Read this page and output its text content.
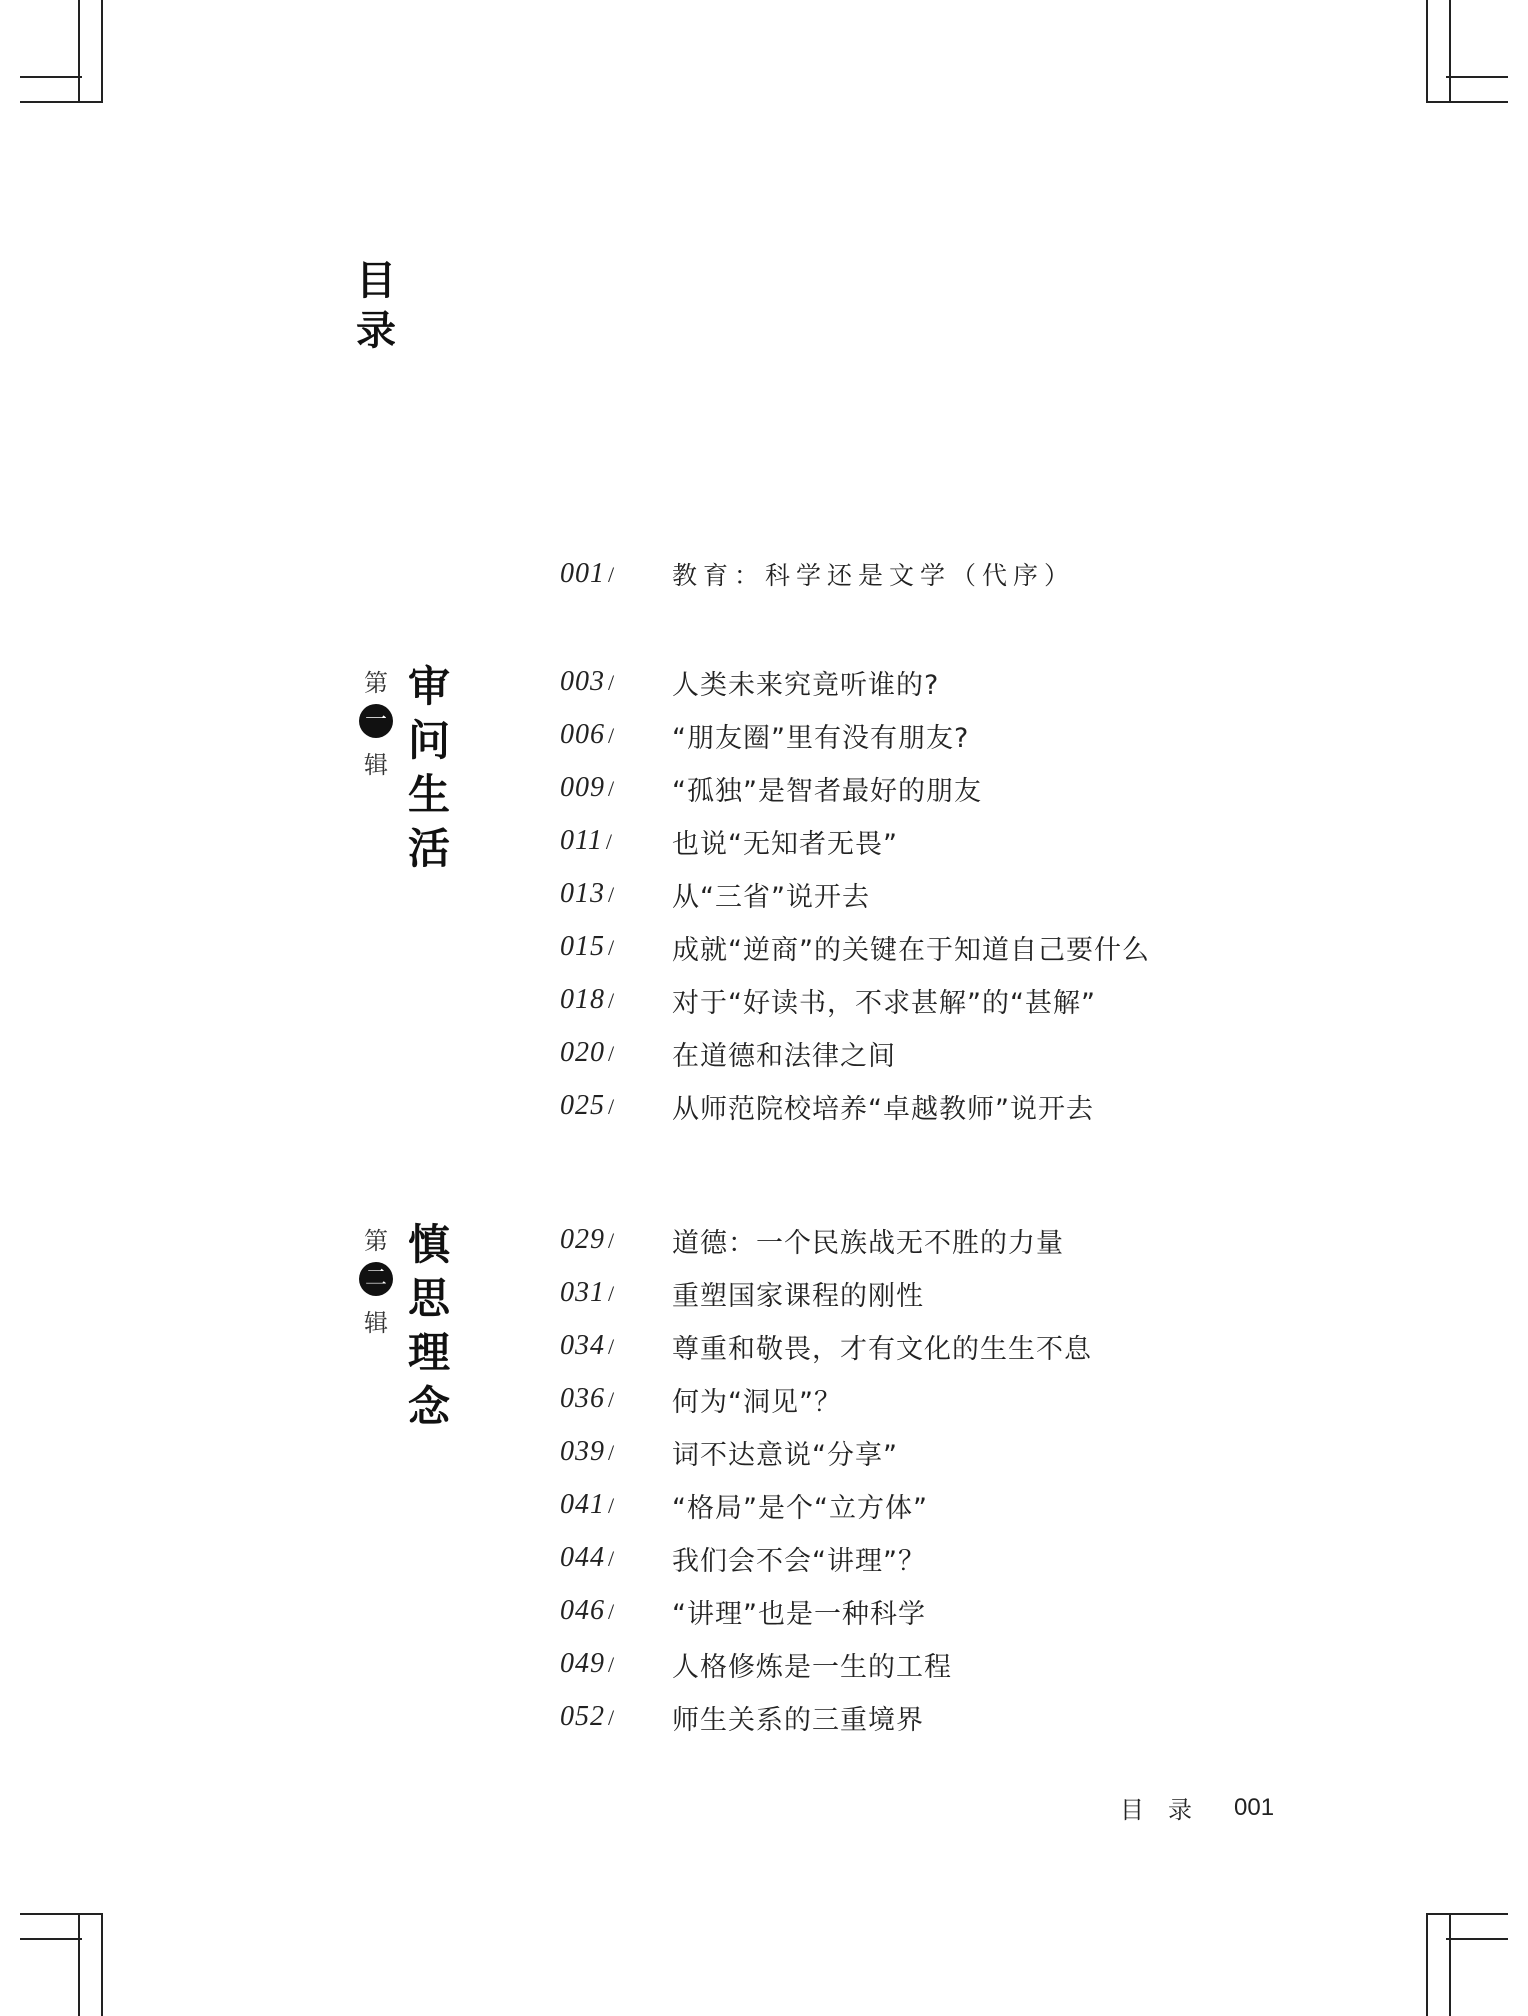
目录
001 /	教育：科学还是文学（代序）
第
一
辑
审问生活
003 /	人类未来究竟听谁的?
006 /	“朋友圈”里有没有朋友?
009 /	“孤独”是智者最好的朋友
011 /	也说“无知者无畏”
013 /	从“三省”说开去
015 /	成就“逆商”的关键在于知道自己要什么
018 /	对于“好读书，不求甚解”的“甚解”
020 /	在道德和法律之间
025 /	从师范院校培养“卓越教师”说开去
第
二
辑
慎思理念
029 /	道德：一个民族战无不胜的力量
031 /	重塑国家课程的刚性
034 /	尊重和敬畏，才有文化的生生不息
036 /	何为“洞见”？
039 /	词不达意说“分享”
041 /	“格局”是个“立方体”
044 /	我们会不会“讲理”？
046 /	“讲理”也是一种科学
049 /	人格修炼是一生的工程
052 /	师生关系的三重境界
目录 001
